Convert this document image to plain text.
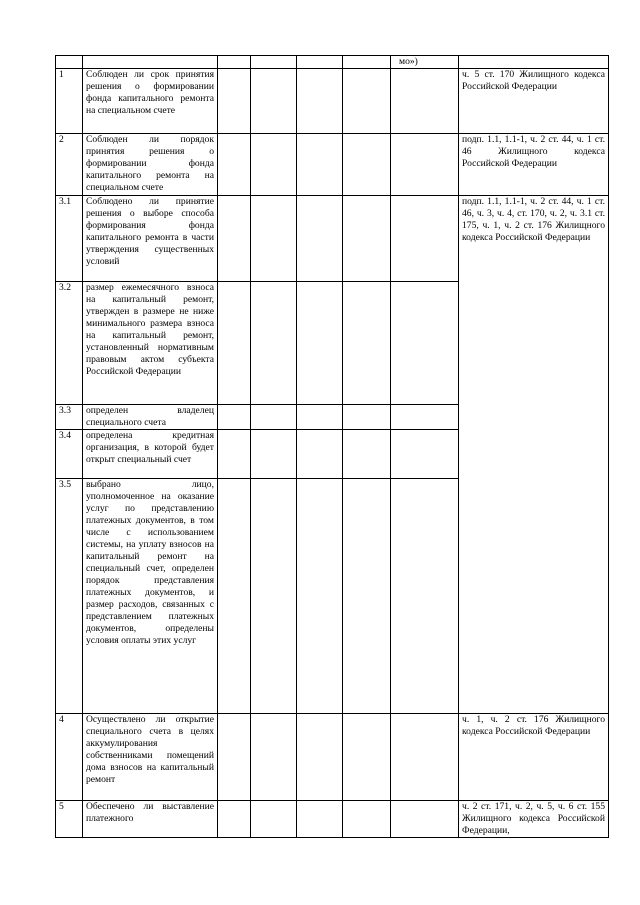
						мо»)		
1	Соблюден ли срок принятия решения о формировании фонда капитального ремонта на специальном счете						ч. 5 ст. 170 Жилищного кодекса Российской Федерации	
2	Соблюден ли порядок принятия решения о формировании фонда капитального ремонта на специальном счете						подп. 1.1, 1.1-1, ч. 2 ст. 44, ч. 1 ст. 46 Жилищного кодекса Российской Федерации	
3.1	Соблюдено ли принятие решения о выборе способа формирования фонда капитального ремонта в части утверждения существенных условий						подп. 1.1, 1.1-1, ч. 2 ст. 44, ч. 1 ст. 46, ч. 3, ч. 4, ст. 170, ч. 2, ч. 3.1 ст. 175, ч. 1, ч. 2 ст. 176 Жилищного кодекса Российской Федерации	
3.2	размер ежемесячного взноса на капитальный ремонт, утвержден в размере не ниже минимального размера взноса на капитальный ремонт, установленный нормативным правовым актом субъекта Российской Федерации							
3.3	определен владелец специального счета							
3.4	определена кредитная организация, в которой будет открыт специальный счет							
3.5	выбрано лицо, уполномоченное на оказание услуг по представлению платежных документов, в том числе с использованием системы, на уплату взносов на капитальный ремонт на специальный счет, определен порядок представления платежных документов, и размер расходов, связанных с представлением платежных документов, определены условия оплаты этих услуг							
4	Осуществлено ли открытие специального счета в целях аккумулирования собственниками помещений дома взносов на капитальный ремонт						ч. 1, ч. 2 ст. 176 Жилищного кодекса Российской Федерации	
5	Обеспечено ли выставление платежного						ч. 2 ст. 171, ч. 2, ч. 5, ч. 6 ст. 155 Жилищного кодекса Российской Федерации,	
